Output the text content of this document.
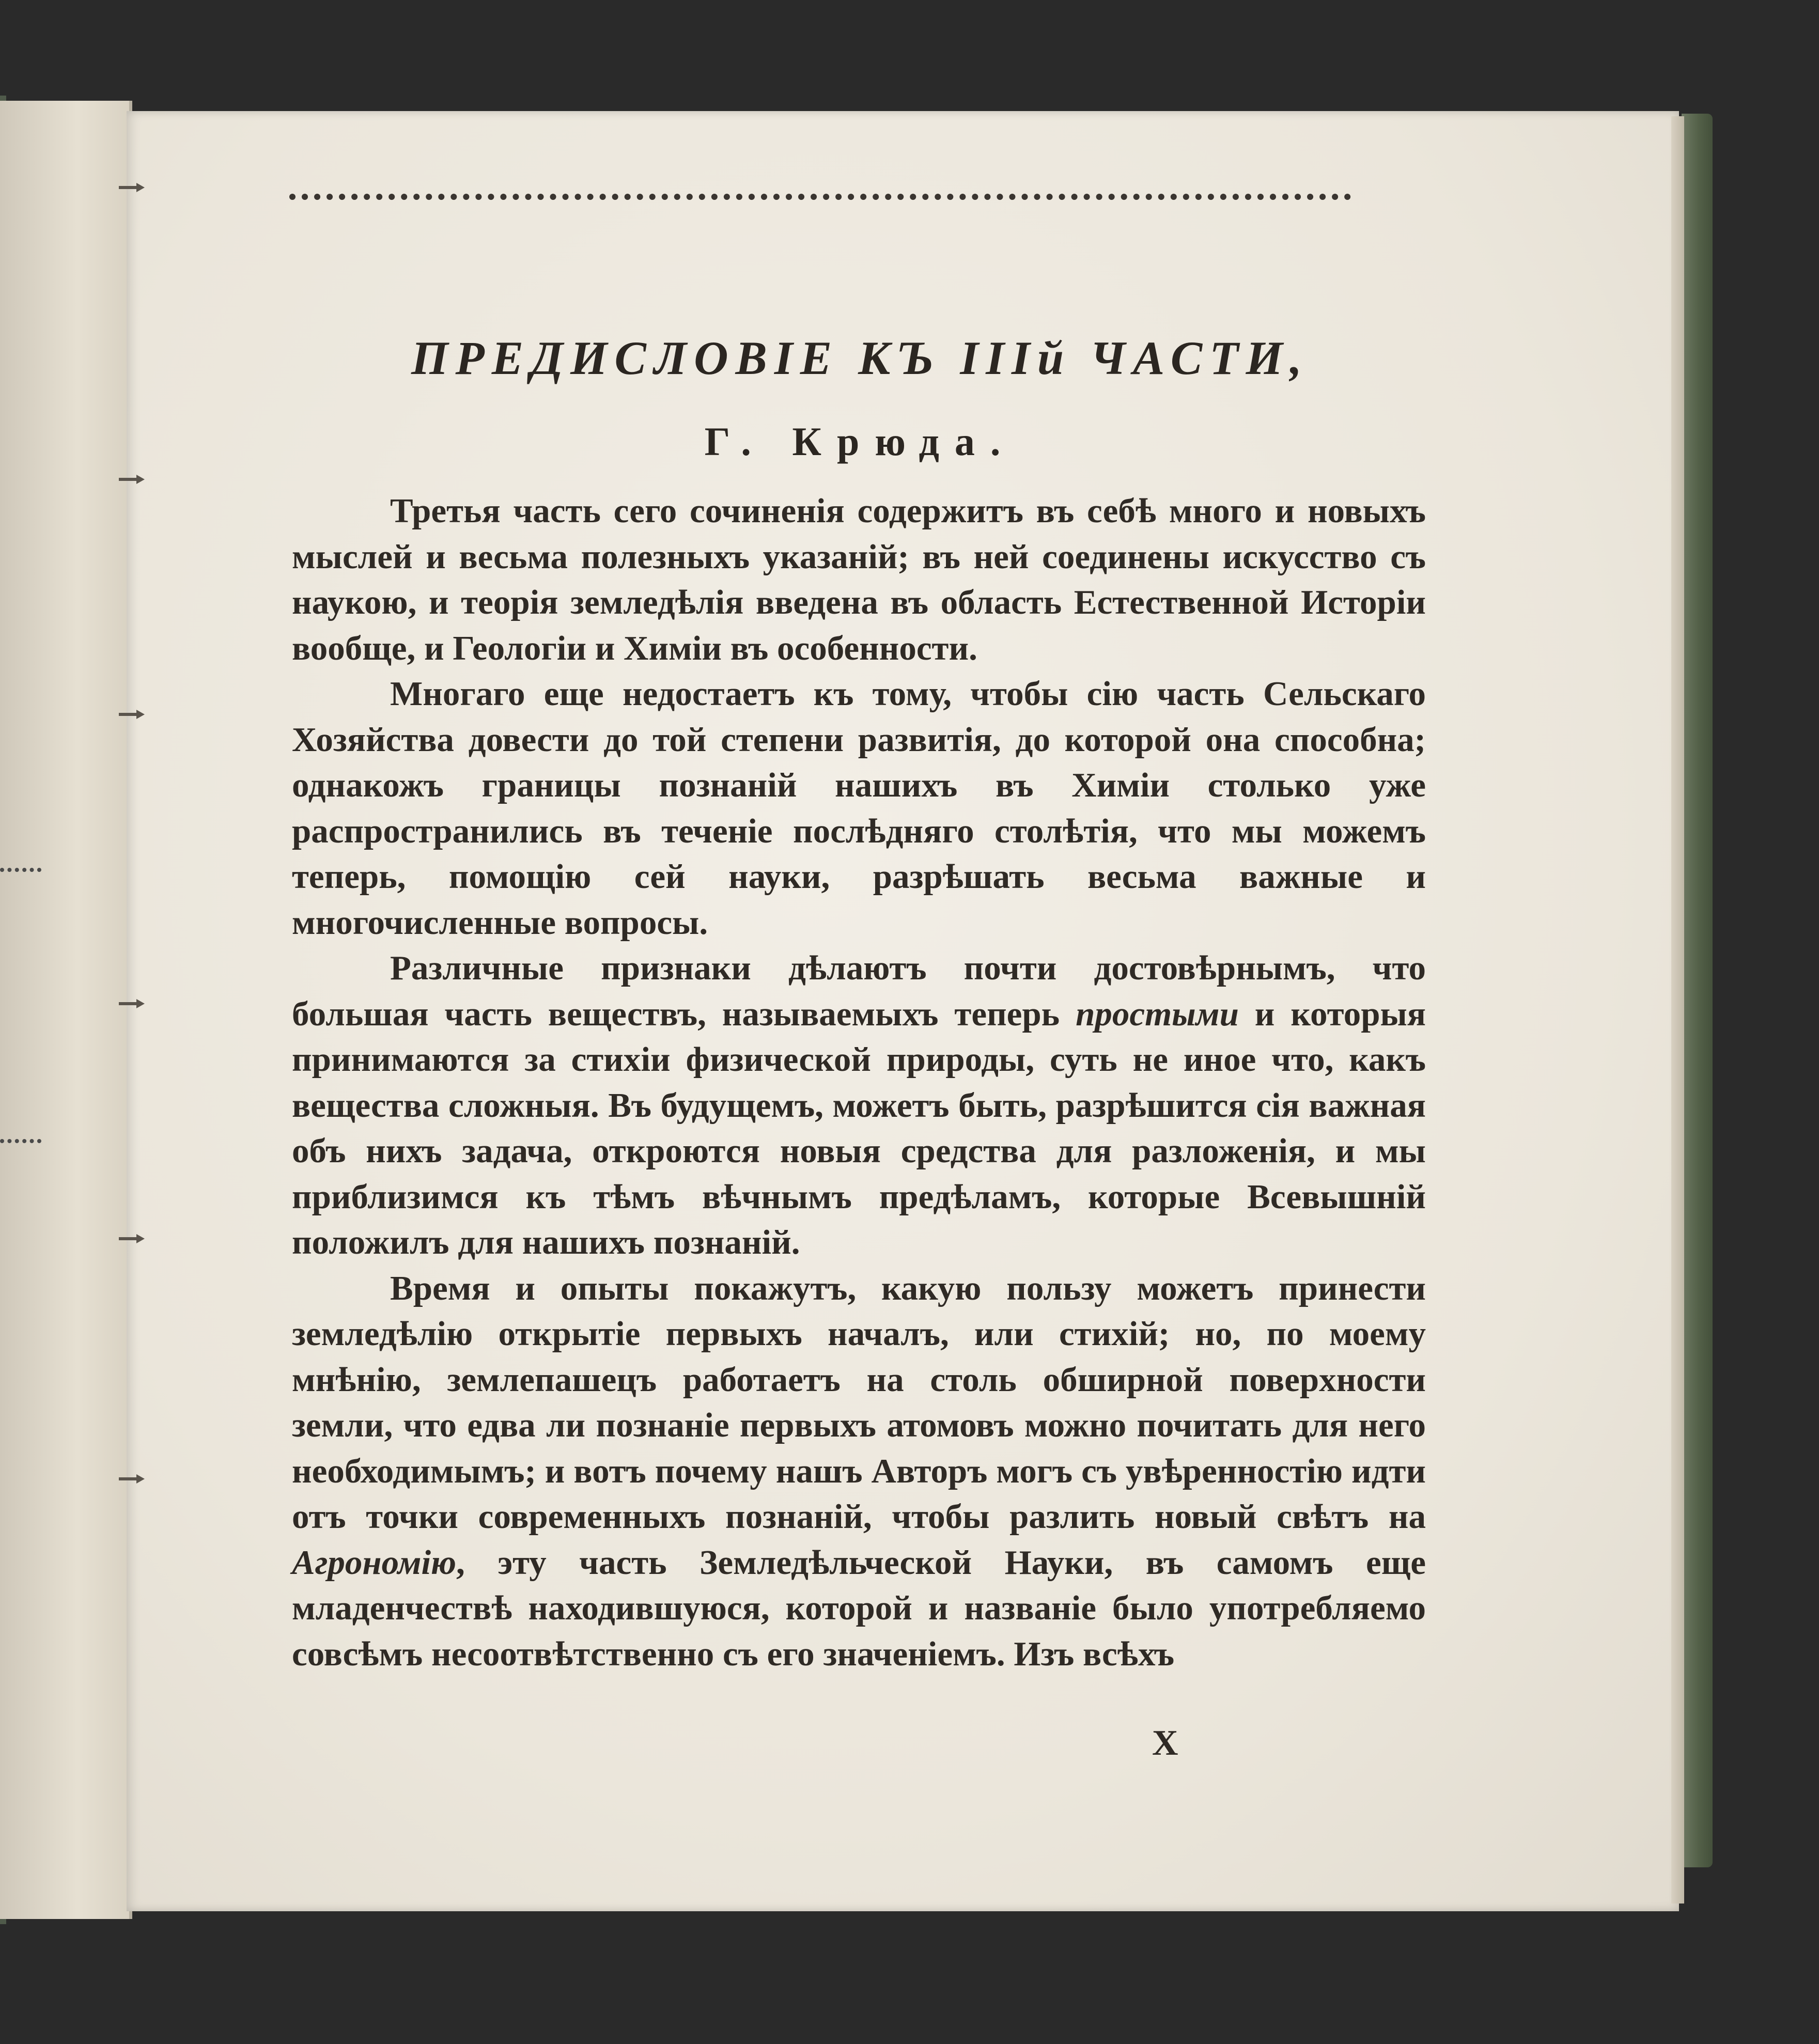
ПРЕДИСЛОВІЕ КЪ IIIй ЧАСТИ,
Г. Крюда.

Третья часть сего сочиненія содержитъ въ себѣ много и новыхъ мыслей и весьма полезныхъ указаній; въ ней соединены искусство съ наукою, и теорія земледѣлія введена въ область Естественной Исторіи вообще, и Геологіи и Химіи въ особенности.

Многаго еще недостаетъ къ тому, чтобы сію часть Сельскаго Хозяйства довести до той степени развитія, до которой она способна; однакожъ границы познаній нашихъ въ Химіи столько уже распространились въ теченіе послѣдняго столѣтія, что мы можемъ теперь, помощію сей науки, разрѣшать весьма важные и многочисленные вопросы.

Различные признаки дѣлаютъ почти достовѣрнымъ, что большая часть веществъ, называемыхъ теперь простыми и которыя принимаются за стихіи физической природы, суть не иное что, какъ вещества сложныя. Въ будущемъ, можетъ быть, разрѣшится сія важная объ нихъ задача, откроются новыя средства для разложенія, и мы приблизимся къ тѣмъ вѣчнымъ предѣламъ, которые Всевышній положилъ для нашихъ познаній.

Время и опыты покажутъ, какую пользу можетъ принести земледѣлію открытіе первыхъ началъ, или стихій; но, по моему мнѣнію, землепашецъ работаетъ на столь обширной поверхности земли, что едва ли познаніе первыхъ атомовъ можно почитать для него необходимымъ; и вотъ почему нашъ Авторъ могъ съ увѣренностію идти отъ точки современныхъ познаній, чтобы разлить новый свѣтъ на Агрономію, эту часть Земледѣльческой Науки, въ самомъ еще младенчествѣ находившуюся, которой и названіе было употребляемо совсѣмъ несоотвѣтственно съ его значеніемъ. Изъ всѣхъ

Х
